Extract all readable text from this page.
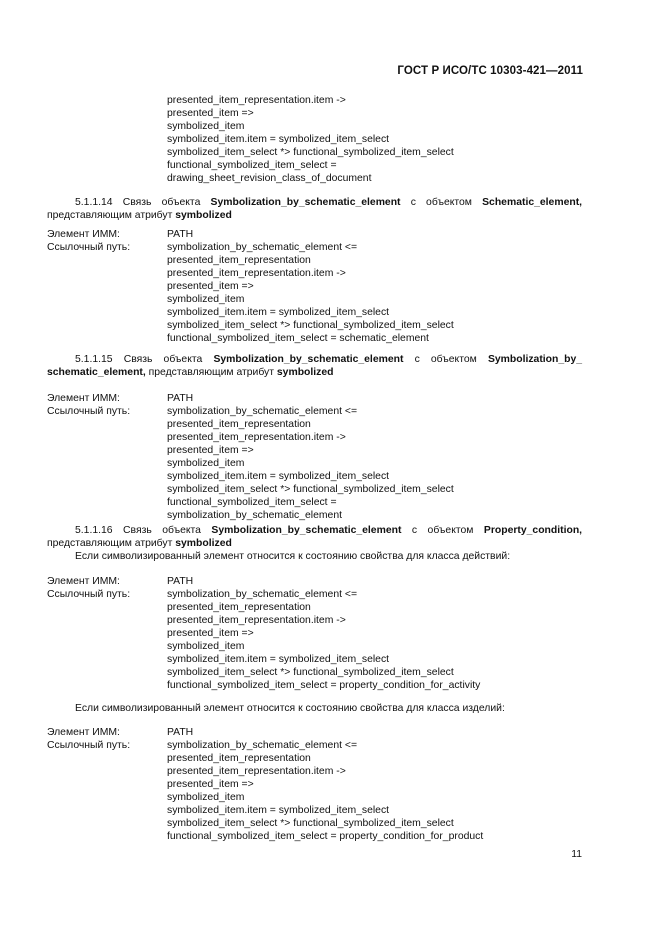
ГОСТ Р ИСО/ТС 10303-421—2011
presented_item_representation.item ->
presented_item =>
symbolized_item
symbolized_item.item = symbolized_item_select
symbolized_item_select *> functional_symbolized_item_select
functional_symbolized_item_select =
drawing_sheet_revision_class_of_document
5.1.1.14 Связь объекта Symbolization_by_schematic_element с объектом Schematic_element,
представляющим атрибут symbolized
Элемент ИММ:	PATH
Ссылочный путь:	symbolization_by_schematic_element <=
presented_item_representation
presented_item_representation.item ->
presented_item =>
symbolized_item
symbolized_item.item = symbolized_item_select
symbolized_item_select *> functional_symbolized_item_select
functional_symbolized_item_select = schematic_element
5.1.1.15 Связь объекта Symbolization_by_schematic_element с объектом Symbolization_by_
schematic_element, представляющим атрибут symbolized
Элемент ИММ:	PATH
Ссылочный путь:	symbolization_by_schematic_element <=
presented_item_representation
presented_item_representation.item ->
presented_item =>
symbolized_item
symbolized_item.item = symbolized_item_select
symbolized_item_select *> functional_symbolized_item_select
functional_symbolized_item_select =
symbolization_by_schematic_element
5.1.1.16 Связь объекта Symbolization_by_schematic_element с объектом Property_condition,
представляющим атрибут symbolized
Если символизированный элемент относится к состоянию свойства для класса действий:
Элемент ИММ:	PATH
Ссылочный путь:	symbolization_by_schematic_element <=
presented_item_representation
presented_item_representation.item ->
presented_item =>
symbolized_item
symbolized_item.item = symbolized_item_select
symbolized_item_select *> functional_symbolized_item_select
functional_symbolized_item_select = property_condition_for_activity
Если символизированный элемент относится к состоянию свойства для класса изделий:
Элемент ИММ:	PATH
Ссылочный путь:	symbolization_by_schematic_element <=
presented_item_representation
presented_item_representation.item ->
presented_item =>
symbolized_item
symbolized_item.item = symbolized_item_select
symbolized_item_select *> functional_symbolized_item_select
functional_symbolized_item_select = property_condition_for_product
11
